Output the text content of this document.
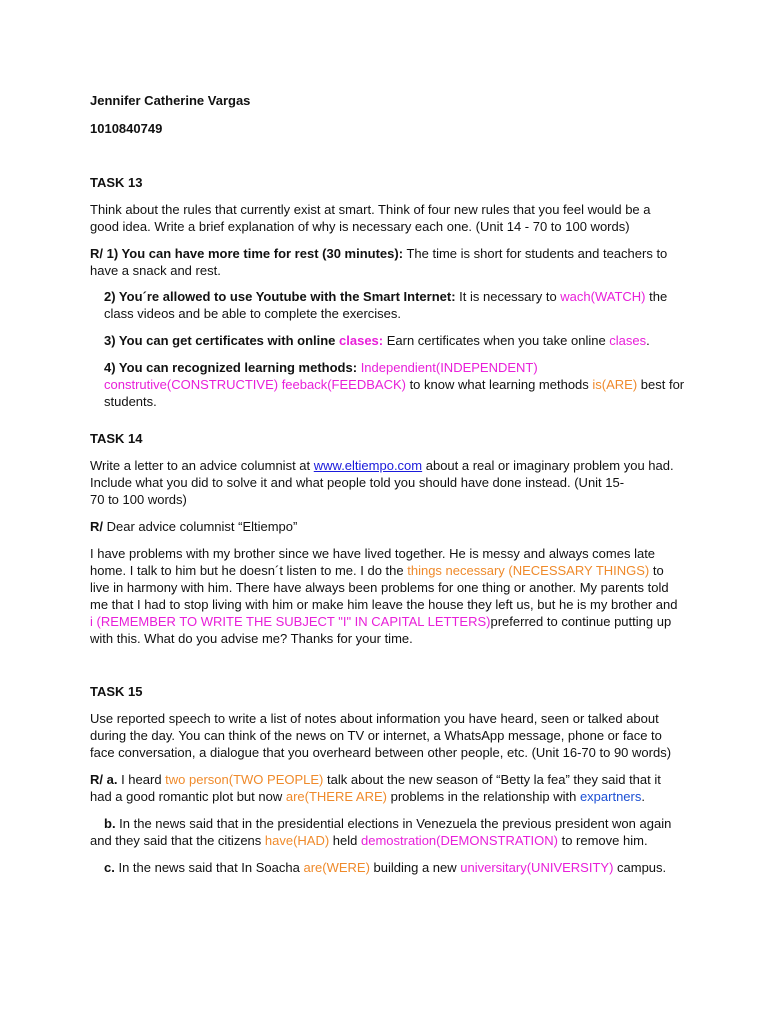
Jennifer Catherine Vargas

1010840749

TASK 13

Think about the rules that currently exist at smart. Think of four new rules that you feel would be a good idea. Write a brief explanation of why is necessary each one. (Unit 14 - 70 to 100 words)

R/ 1) You can have more time for rest (30 minutes): The time is short for students and teachers to have a snack and rest.

2) You´re allowed to use Youtube with the Smart Internet: It is necessary to wach(WATCH) the class videos and be able to complete the exercises.

3) You can get certificates with online clases: Earn certificates when you take online clases.

4) You can recognized learning methods: Independient(INDEPENDENT) construtive(CONSTRUCTIVE) feeback(FEEDBACK) to know what learning methods is(ARE) best for students.

TASK 14

Write a letter to an advice columnist at www.eltiempo.com about a real or imaginary problem you had. Include what you did to solve it and what people told you should have done instead. (Unit 15-
70 to 100 words)

R/ Dear advice columnist “Eltiempo”

I have problems with my brother since we have lived together. He is messy and always comes late home. I talk to him but he doesn´t listen to me. I do the things necessary (NECESSARY THINGS) to live in harmony with him. There have always been problems for one thing or another. My parents told me that I had to stop living with him or make him leave the house they left us, but he is my brother and i (REMEMBER TO WRITE THE SUBJECT "I" IN CAPITAL LETTERS)preferred to continue putting up with this. What do you advise me? Thanks for your time.

TASK 15

Use reported speech to write a list of notes about information you have heard, seen or talked about during the day. You can think of the news on TV or internet, a WhatsApp message, phone or face to face conversation, a dialogue that you overheard between other people, etc. (Unit 16-70 to 90 words)

R/ a. I heard two person(TWO PEOPLE) talk about the new season of “Betty la fea” they said that it had a good romantic plot but now are(THERE ARE) problems in the relationship with expartners.

b. In the news said that in the presidential elections in Venezuela the previous president won again and they said that the citizens have(HAD) held demostration(DEMONSTRATION) to remove him.

c. In the news said that In Soacha are(WERE) building a new universitary(UNIVERSITY) campus.
